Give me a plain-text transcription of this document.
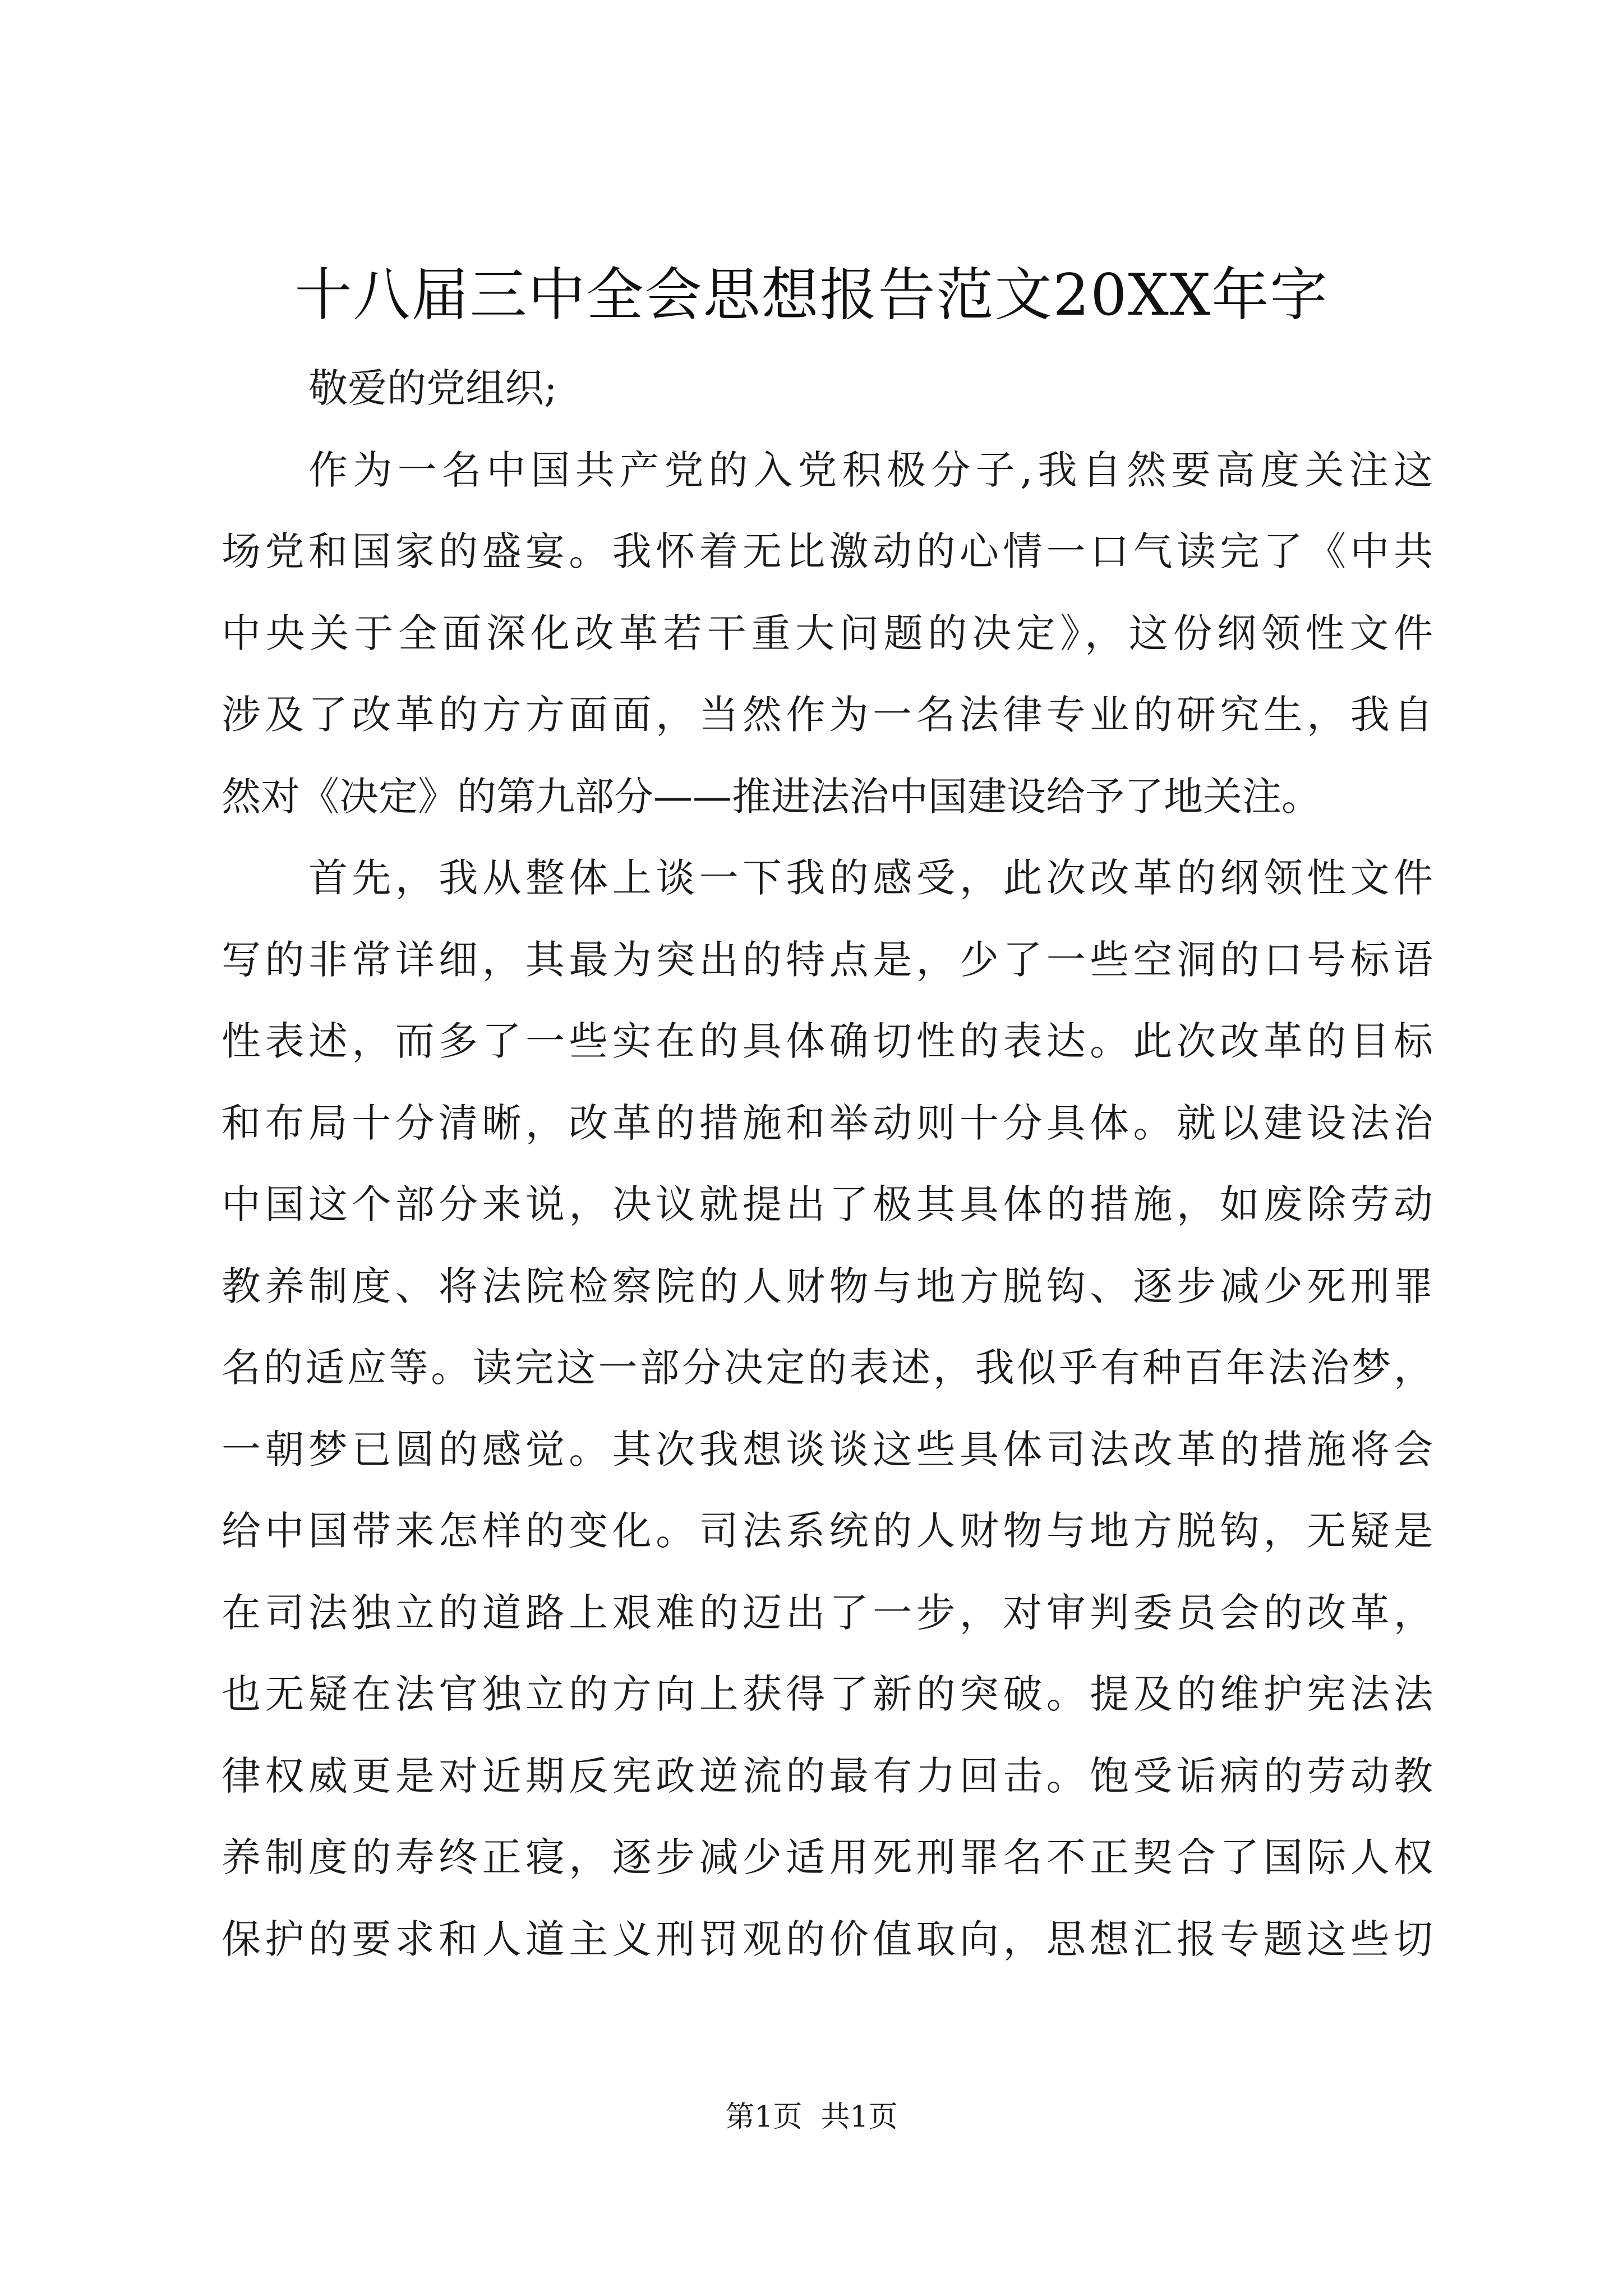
十八届三中全会思想报告范文20XX年字
敬爱的党组织;
作为一名中国共产党的入党积极分子,我自然要高度关注这
场党和国家的盛宴。我怀着无比激动的心情一口气读完了《中共
中央关于全面深化改革若干重大问题的决定》，这份纲领性文件
涉及了改革的方方面面，当然作为一名法律专业的研究生，我自
然对《决定》的第九部分——推进法治中国建设给予了地关注。
首先，我从整体上谈一下我的感受，此次改革的纲领性文件
写的非常详细，其最为突出的特点是，少了一些空洞的口号标语
性表述，而多了一些实在的具体确切性的表达。此次改革的目标
和布局十分清晰，改革的措施和举动则十分具体。就以建设法治
中国这个部分来说，决议就提出了极其具体的措施，如废除劳动
教养制度、将法院检察院的人财物与地方脱钩、逐步减少死刑罪
名的适应等。读完这一部分决定的表述，我似乎有种百年法治梦，
一朝梦已圆的感觉。其次我想谈谈这些具体司法改革的措施将会
给中国带来怎样的变化。司法系统的人财物与地方脱钩，无疑是
在司法独立的道路上艰难的迈出了一步，对审判委员会的改革，
也无疑在法官独立的方向上获得了新的突破。提及的维护宪法法
律权威更是对近期反宪政逆流的最有力回击。饱受诟病的劳动教
养制度的寿终正寝，逐步减少适用死刑罪名不正契合了国际人权
保护的要求和人道主义刑罚观的价值取向，思想汇报专题这些切
第1页  共1页
